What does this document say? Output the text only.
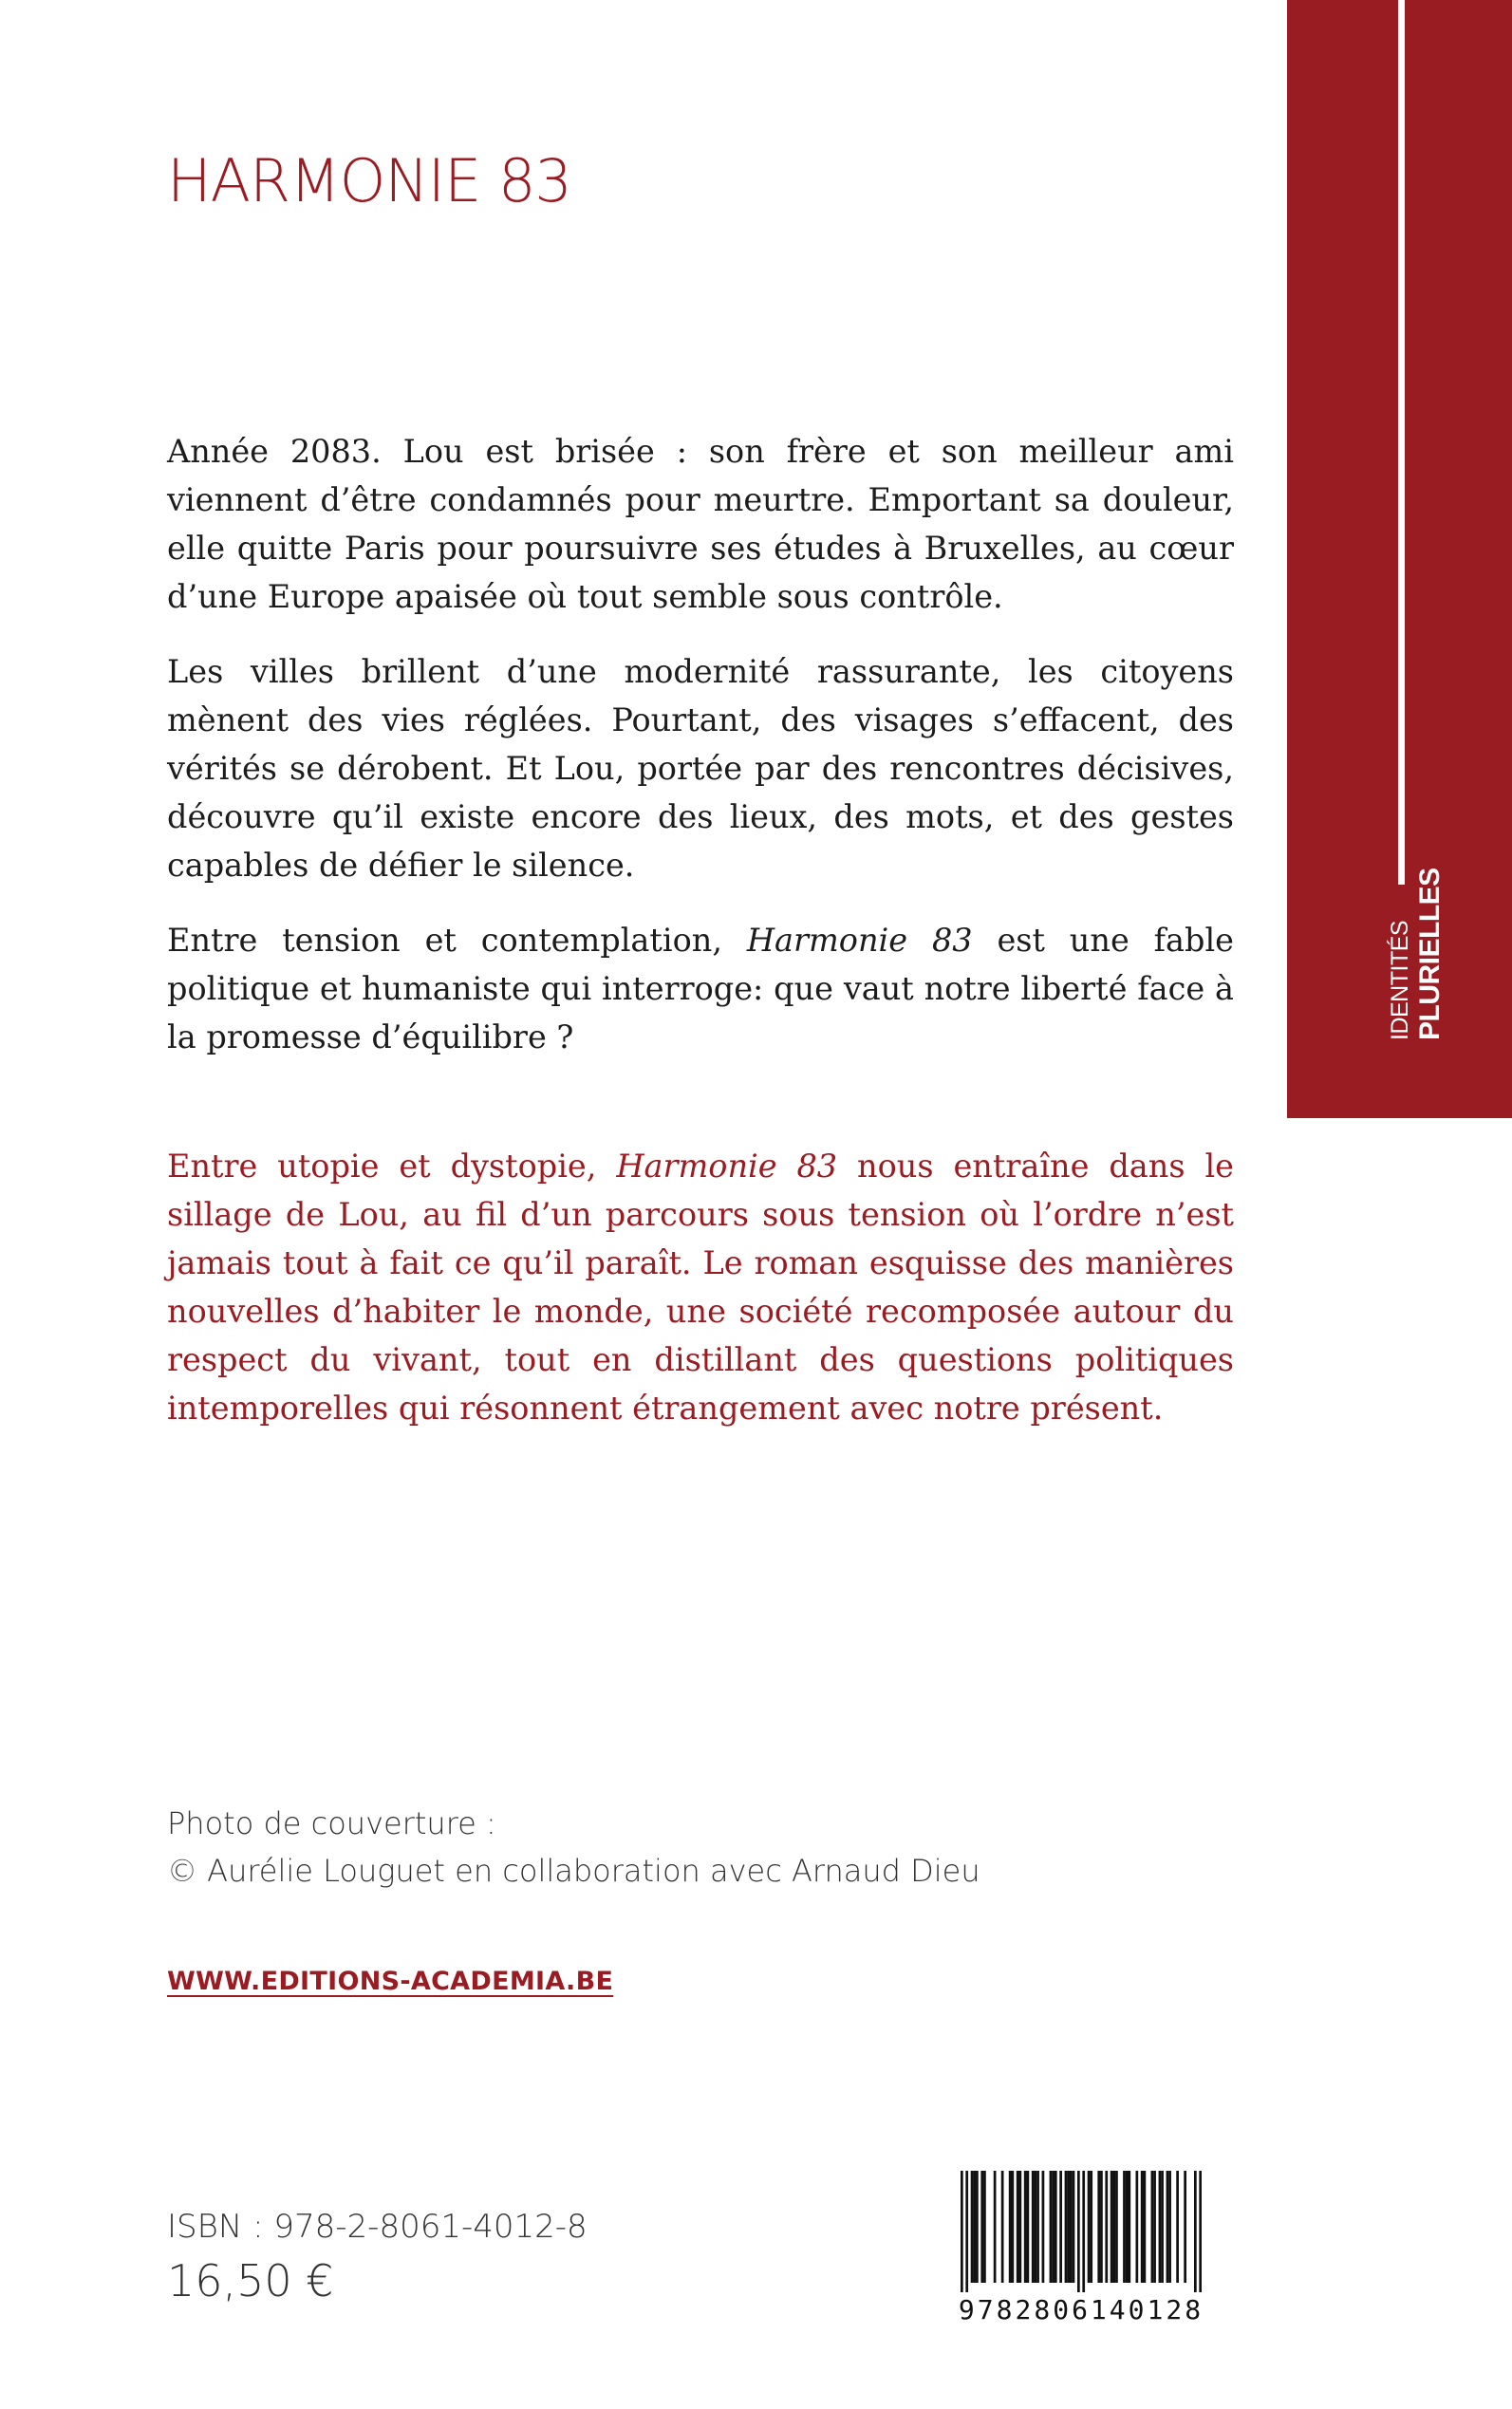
HARMONIE 83
IDENTITÉS PLURIELLES

Année 2083. Lou est brisée : son frère et son meilleur ami viennent d’être condamnés pour meurtre. Emportant sa douleur, elle quitte Paris pour poursuivre ses études à Bruxelles, au cœur d’une Europe apaisée où tout semble sous contrôle.

Les villes brillent d’une modernité rassurante, les citoyens mènent des vies réglées. Pourtant, des visages s’effacent, des vérités se dérobent. Et Lou, portée par des rencontres décisives, découvre qu’il existe encore des lieux, des mots, et des gestes capables de défier le silence.

Entre tension et contemplation, Harmonie 83 est une fable politique et humaniste qui interroge: que vaut notre liberté face à la promesse d’équilibre ?

Entre utopie et dystopie, Harmonie 83 nous entraîne dans le sillage de Lou, au fil d’un parcours sous tension où l’ordre n’est jamais tout à fait ce qu’il paraît. Le roman esquisse des manières nouvelles d’habiter le monde, une société recomposée autour du respect du vivant, tout en distillant des questions politiques intemporelles qui résonnent étrangement avec notre présent.

Photo de couverture :
© Aurélie Louguet en collaboration avec Arnaud Dieu
WWW.EDITIONS-ACADEMIA.BE
ISBN : 978-2-8061-4012-8
16,50 €
9782806140128
